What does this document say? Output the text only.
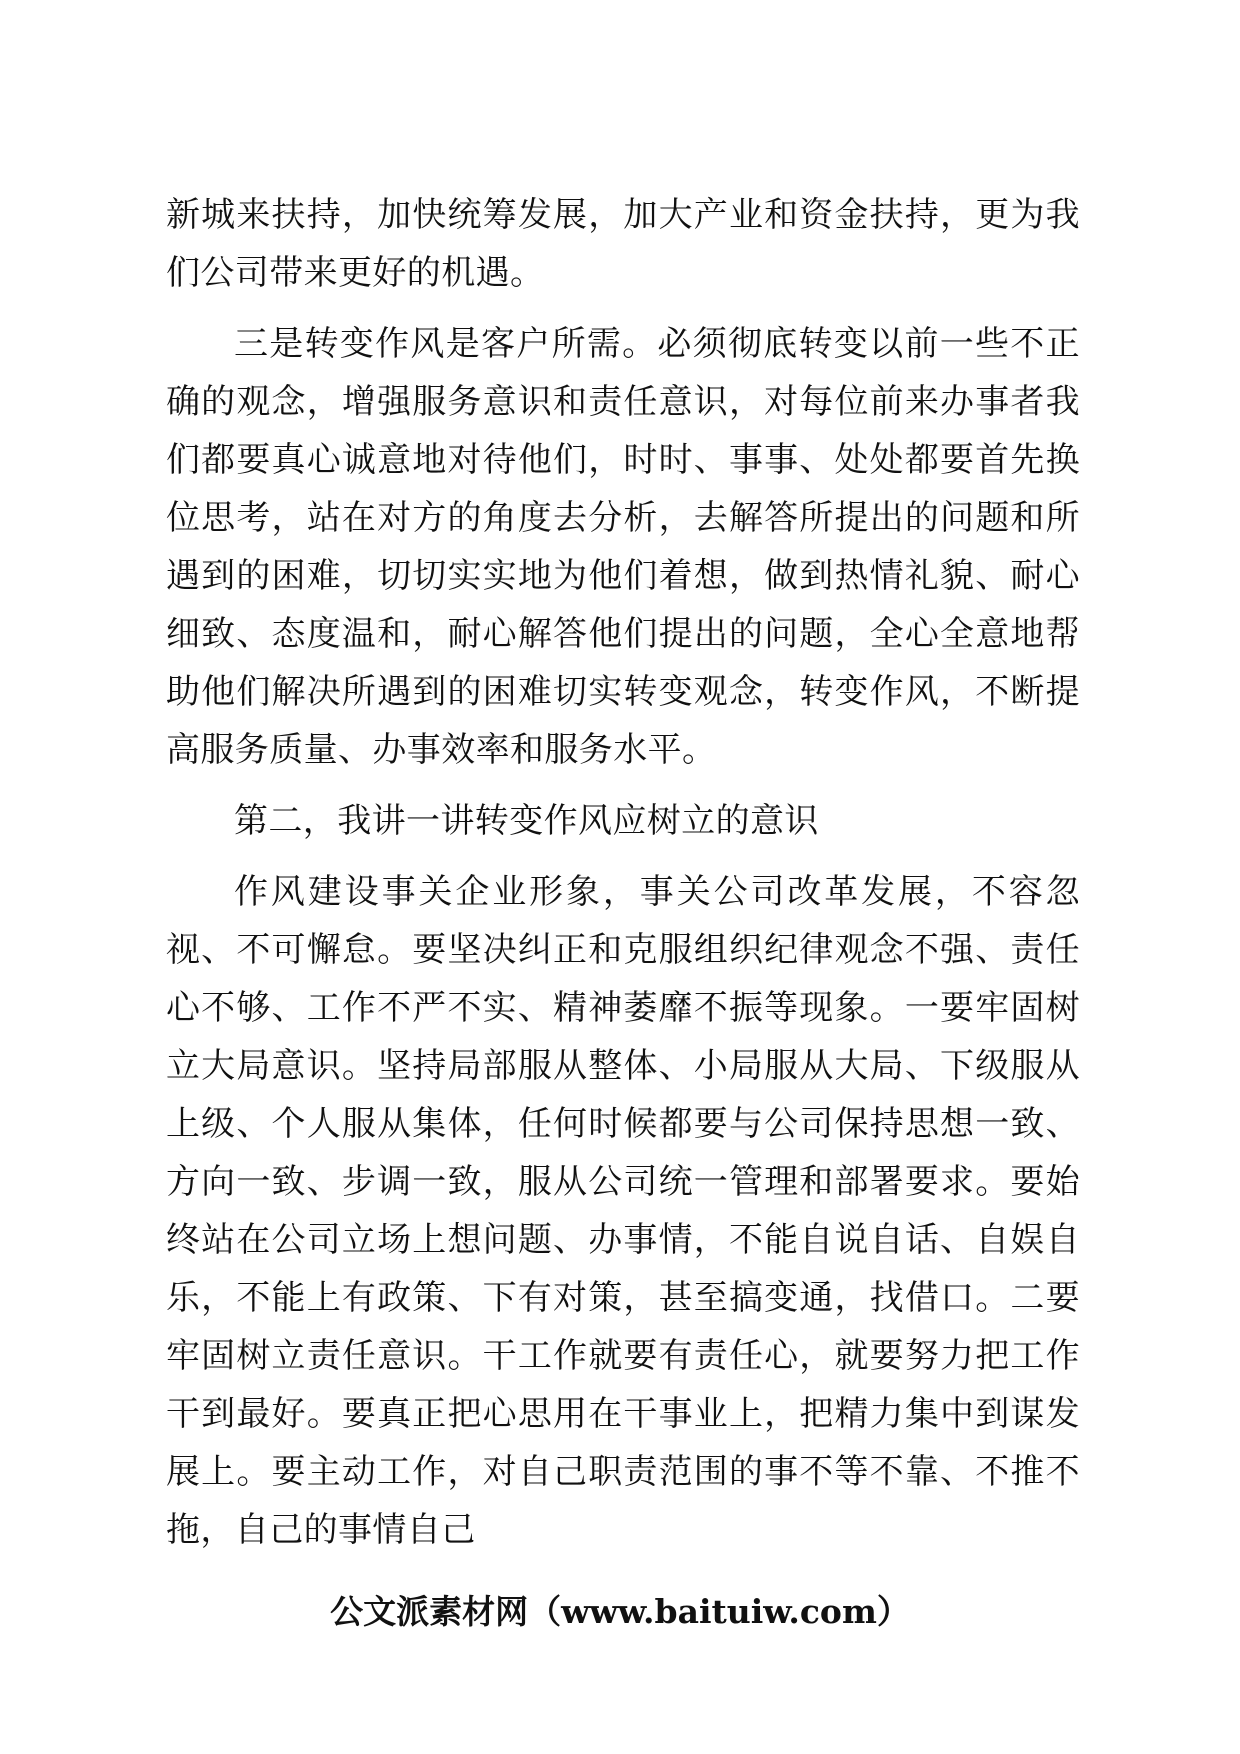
新城来扶持，加快统筹发展，加大产业和资金扶持，更为我们公司带来更好的机遇。

三是转变作风是客户所需。必须彻底转变以前一些不正确的观念，增强服务意识和责任意识，对每位前来办事者我们都要真心诚意地对待他们，时时、事事、处处都要首先换位思考，站在对方的角度去分析，去解答所提出的问题和所遇到的困难，切切实实地为他们着想，做到热情礼貌、耐心细致、态度温和，耐心解答他们提出的问题，全心全意地帮助他们解决所遇到的困难切实转变观念，转变作风，不断提高服务质量、办事效率和服务水平。

第二，我讲一讲转变作风应树立的意识

作风建设事关企业形象，事关公司改革发展，不容忽视、不可懈怠。要坚决纠正和克服组织纪律观念不强、责任心不够、工作不严不实、精神萎靡不振等现象。一要牢固树立大局意识。坚持局部服从整体、小局服从大局、下级服从上级、个人服从集体，任何时候都要与公司保持思想一致、方向一致、步调一致，服从公司统一管理和部署要求。要始终站在公司立场上想问题、办事情，不能自说自话、自娱自乐，不能上有政策、下有对策，甚至搞变通，找借口。二要牢固树立责任意识。干工作就要有责任心，就要努力把工作干到最好。要真正把心思用在干事业上，把精力集中到谋发展上。要主动工作，对自己职责范围的事不等不靠、不推不拖，自己的事情自己

公文派素材网（www.baituiw.com）
